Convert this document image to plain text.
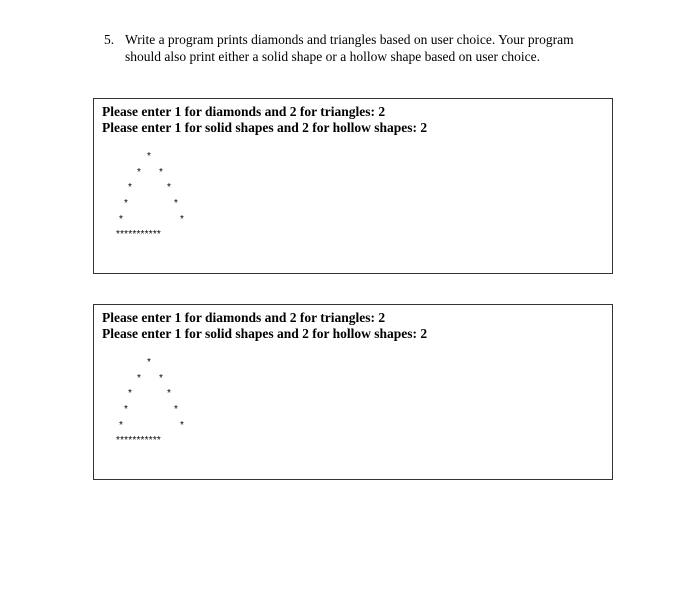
5. Write a program prints diamonds and triangles based on user choice. Your program
should also print either a solid shape or a hollow shape based on user choice.
Please enter 1 for diamonds and 2 for triangles: 2
Please enter 1 for solid shapes and 2 for hollow shapes: 2
*
* *
*	*
*	*
*	*
***********
Please enter 1 for diamonds and 2 for triangles: 2
Please enter 1 for solid shapes and 2 for hollow shapes: 2
*
* *
*	*
*	*
*	*
***********
